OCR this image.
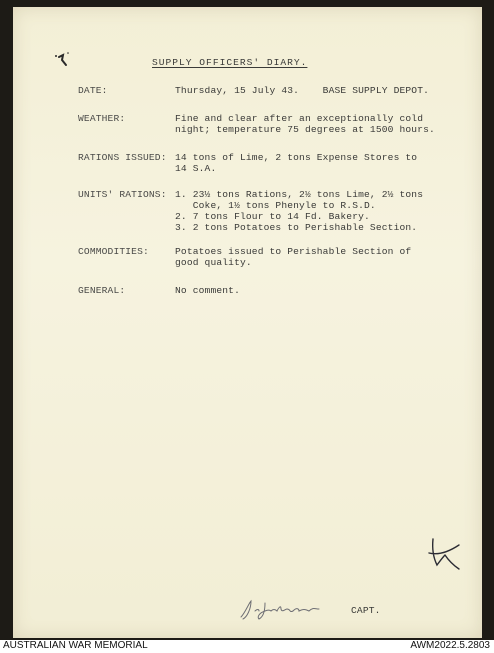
SUPPLY OFFICERS' DIARY.
DATE:	Thursday, 15 July 43.    BASE SUPPLY DEPOT.
WEATHER:	Fine and clear after an exceptionally cold
night; temperature 75 degrees at 1500 hours.
RATIONS ISSUED: 14 tons of Lime, 2 tons Expense Stores to
14 S.A.
UNITS' RATIONS: 1. 23½ tons Rations, 2½ tons Lime, 2½ tons
Coke, 1½ tons Phenyle to R.S.D.
2. 7 tons Flour to 14 Fd. Bakery.
3. 2 tons Potatoes to Perishable Section.
COMMODITIES:	Potatoes issued to Perishable Section of
good quality.
GENERAL:	No comment.
CAPT.
AUSTRALIAN WAR MEMORIAL	AWM2022.5.2803
